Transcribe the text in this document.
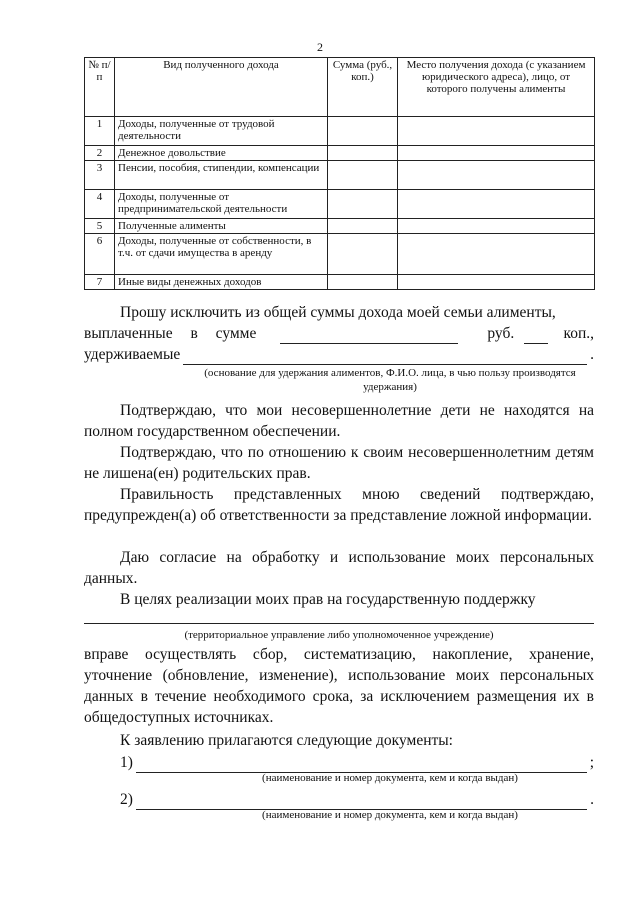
2
№ п/п	Вид полученного дохода	Сумма (руб., коп.)	Место получения дохода (с указанием юридического адреса), лицо, от которого получены алименты
1	Доходы, полученные от трудовой деятельности		
2	Денежное довольствие		
3	Пенсии, пособия, стипендии, компенсации		
4	Доходы, полученные от предпринимательской деятельности		
5	Полученные алименты		
6	Доходы, полученные от собственности, в т.ч. от сдачи имущества в аренду		
7	Иные виды денежных доходов		

Прошу исключить из общей суммы дохода моей семьи алименты,

выплаченные в сумме	руб.	коп.,
удерживаемые	.
(основание для удержания алиментов, Ф.И.О. лица, в чью пользу производятся удержания)

Подтверждаю, что мои несовершеннолетние дети не находятся на полном государственном обеспечении.

Подтверждаю, что по отношению к своим несовершеннолетним детям не лишена(ен) родительских прав.

Правильность представленных мною сведений подтверждаю, предупрежден(а) об ответственности за представление ложной информации.

Даю согласие на обработку и использование моих персональных данных.

В целях реализации моих прав на государственную поддержку

(территориальное управление либо уполномоченное учреждение)

вправе осуществлять сбор, систематизацию, накопление, хранение, уточнение (обновление, изменение), использование моих персональных данных в течение необходимого срока, за исключением размещения их в общедоступных источниках.

К заявлению прилагаются следующие документы:

1)	;
(наименование и номер документа, кем и когда выдан)
2)	.
(наименование и номер документа, кем и когда выдан)
